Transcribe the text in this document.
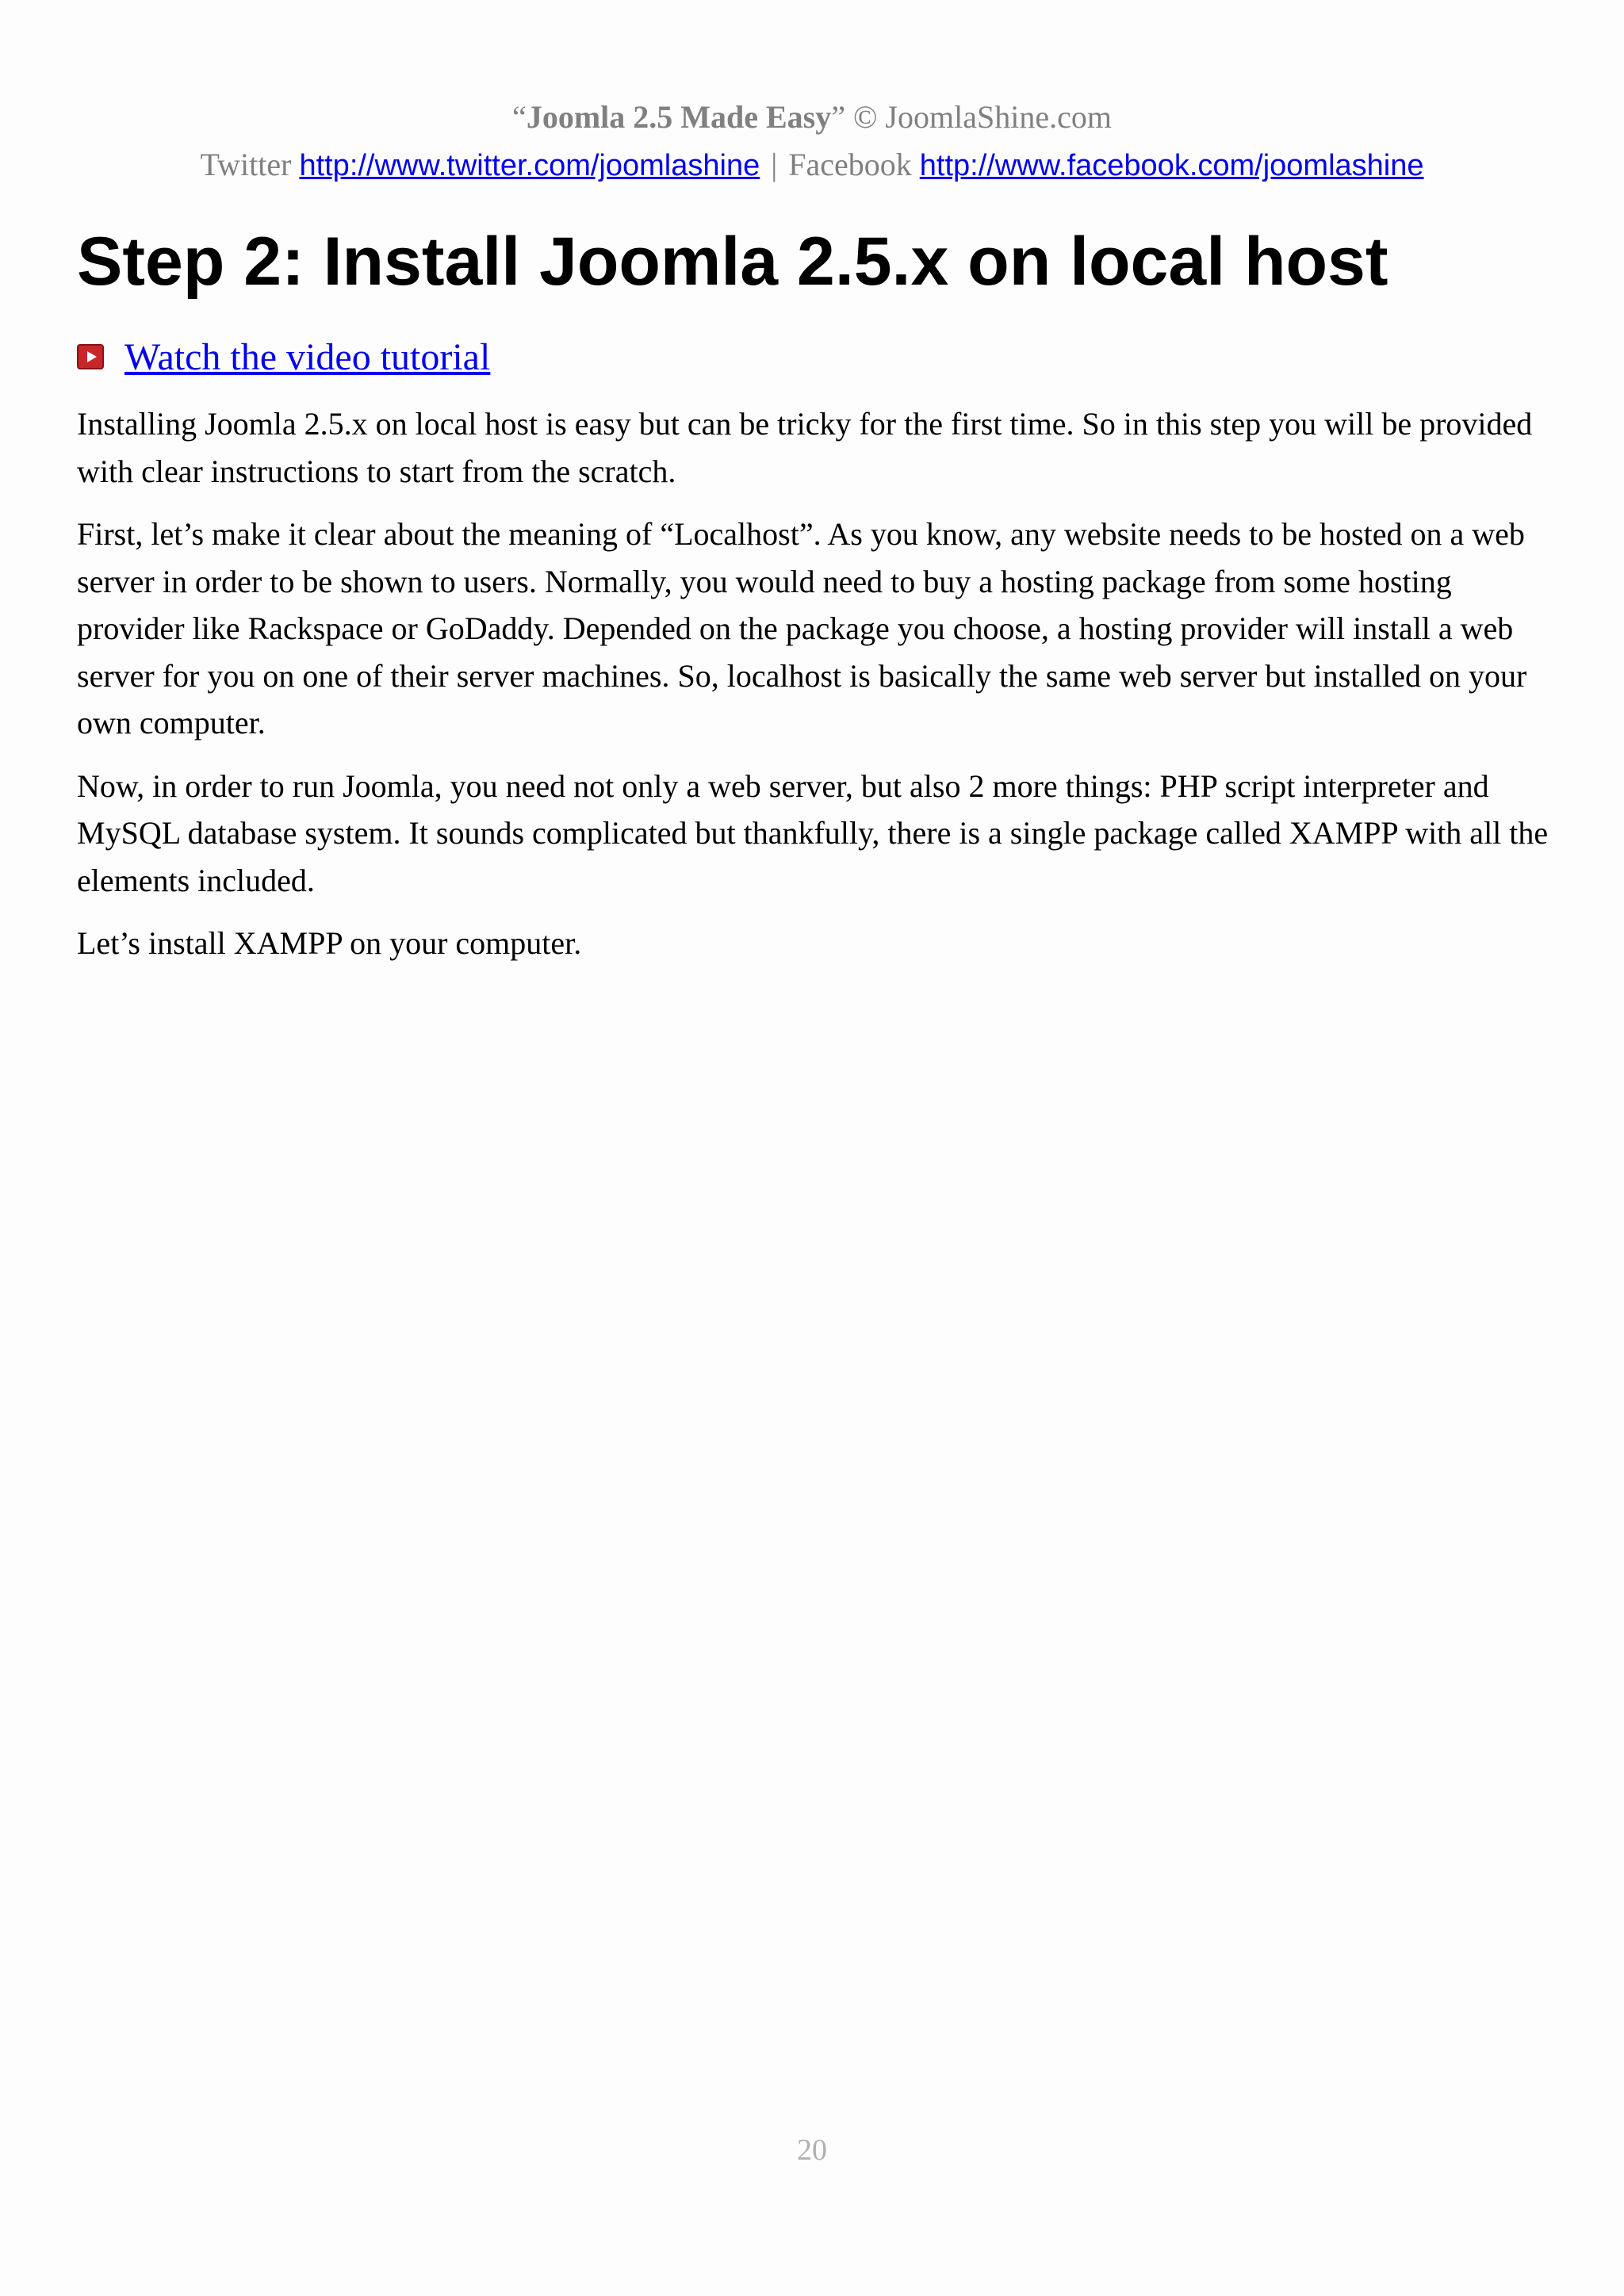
“Joomla 2.5 Made Easy” © JoomlaShine.com
Twitter http://www.twitter.com/joomlashine | Facebook http://www.facebook.com/joomlashine
Step 2: Install Joomla 2.5.x on local host
Watch the video tutorial

Installing Joomla 2.5.x on local host is easy but can be tricky for the first time. So in this step you will be provided with clear instructions to start from the scratch.

First, let’s make it clear about the meaning of “Localhost”. As you know, any website needs to be hosted on a web server in order to be shown to users. Normally, you would need to buy a hosting package from some hosting provider like Rackspace or GoDaddy. Depended on the package you choose, a hosting provider will install a web server for you on one of their server machines. So, localhost is basically the same web server but installed on your own computer.

Now, in order to run Joomla, you need not only a web server, but also 2 more things: PHP script interpreter and MySQL database system. It sounds complicated but thankfully, there is a single package called XAMPP with all the elements included.

Let’s install XAMPP on your computer.

20
